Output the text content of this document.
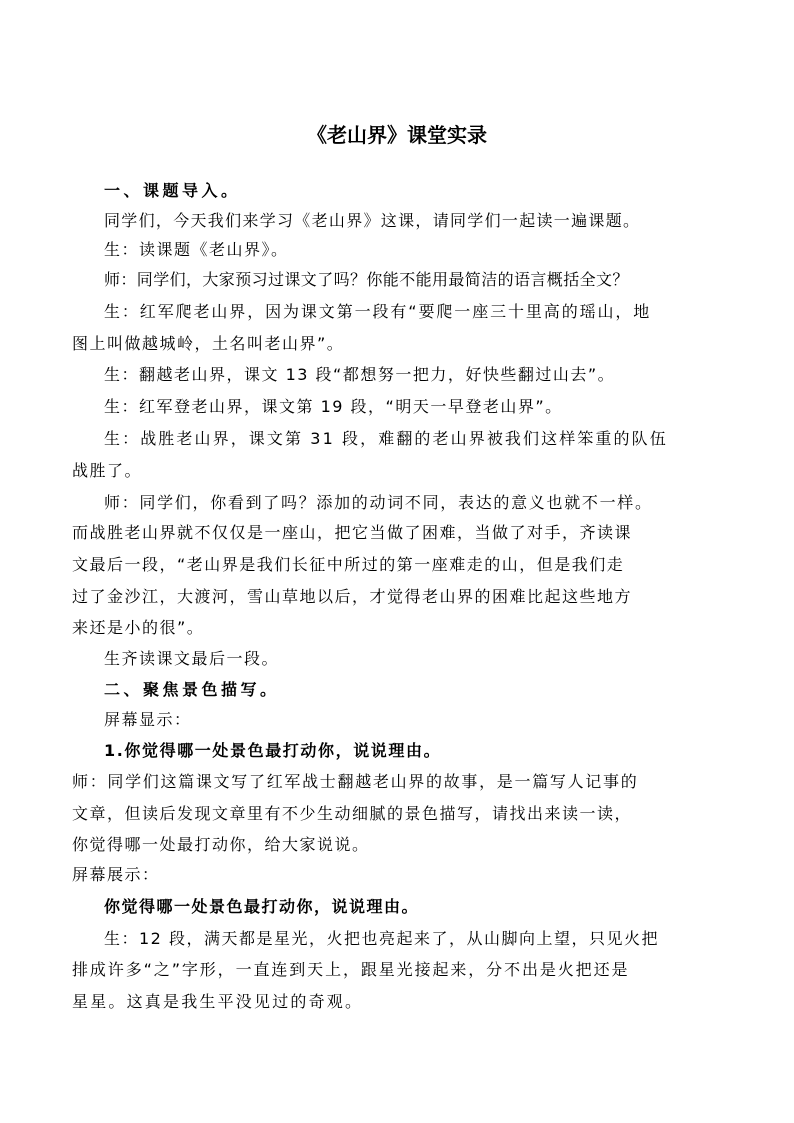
《老山界》课堂实录
一、课题导入。
同学们，今天我们来学习《老山界》这课，请同学们一起读一遍课题。
生：读课题《老山界》。
师：同学们，大家预习过课文了吗？你能不能用最简洁的语言概括全文？
生：红军爬老山界，因为课文第一段有“要爬一座三十里高的瑶山，地
图上叫做越城岭，土名叫老山界”。
生：翻越老山界，课文 13 段“都想努一把力，好快些翻过山去”。
生：红军登老山界，课文第 19 段，“明天一早登老山界”。
生：战胜老山界，课文第 31 段，难翻的老山界被我们这样笨重的队伍
战胜了。
师：同学们，你看到了吗？添加的动词不同，表达的意义也就不一样。
而战胜老山界就不仅仅是一座山，把它当做了困难，当做了对手，齐读课
文最后一段，“老山界是我们长征中所过的第一座难走的山，但是我们走
过了金沙江，大渡河，雪山草地以后，才觉得老山界的困难比起这些地方
来还是小的很”。
生齐读课文最后一段。
二、聚焦景色描写。
屏幕显示：
1.你觉得哪一处景色最打动你，说说理由。
师：同学们这篇课文写了红军战士翻越老山界的故事，是一篇写人记事的
文章，但读后发现文章里有不少生动细腻的景色描写，请找出来读一读，
你觉得哪一处最打动你，给大家说说。
屏幕展示：
你觉得哪一处景色最打动你，说说理由。
生：12 段，满天都是星光，火把也亮起来了，从山脚向上望，只见火把
排成许多“之”字形，一直连到天上，跟星光接起来，分不出是火把还是
星星。这真是我生平没见过的奇观。
